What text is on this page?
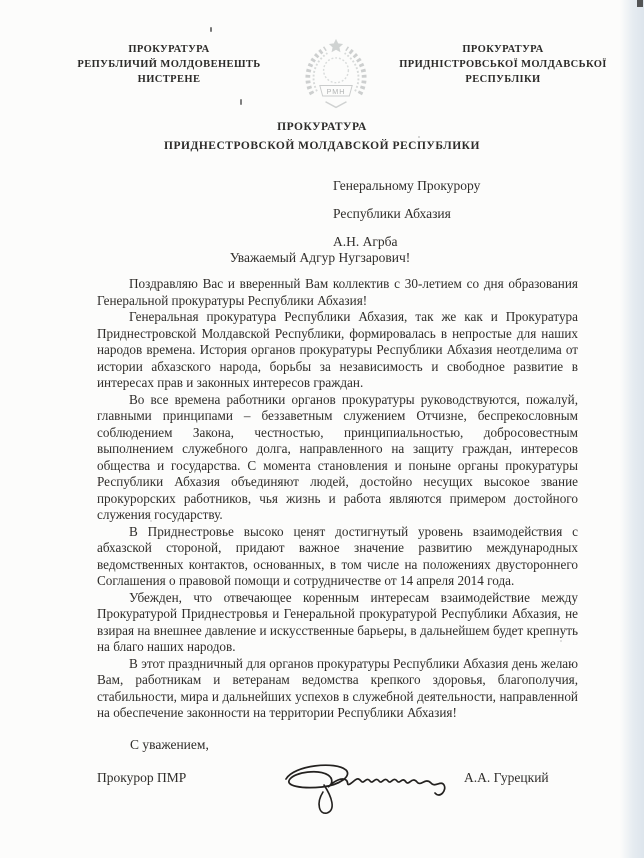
ПРОКУРАТУРА
РЕПУБЛИЧИЙ МОЛДОВЕНЕШТЬ
НИСТРЕНЕ
РМН
ПРОКУРАТУРА
ПРИДНІСТРОВСЬКОЇ МОЛДАВСЬКОЇ
РЕСПУБЛІКИ
ПРОКУРАТУРА
ПРИДНЕСТРОВСКОЙ МОЛДАВСКОЙ РЕСПУБЛИКИ
Генеральному Прокурору
Республики Абхазия
А.Н. Агрба
Уважаемый Адгур Нугзарович!

Поздравляю Вас и вверенный Вам коллектив с 30-летием со дня образования Генеральной прокуратуры Республики Абхазия!

Генеральная прокуратура Республики Абхазия, так же как и Прокуратура Приднестровской Молдавской Республики, формировалась в непростые для наших народов времена. История органов прокуратуры Республики Абхазия неотделима от истории абхазского народа, борьбы за независимость и свободное развитие в интересах прав и законных интересов граждан.

Во все времена работники органов прокуратуры руководствуются, пожалуй, главными принципами – беззаветным служением Отчизне, беспрекословным соблюдением Закона, честностью, принципиальностью, добросовестным выполнением служебного долга, направленного на защиту граждан, интересов общества и государства. С момента становления и поныне органы прокуратуры Республики Абхазия объединяют людей, достойно несущих высокое звание прокурорских работников, чья жизнь и работа являются примером достойного служения государству.

В Приднестровье высоко ценят достигнутый уровень взаимодействия с абхазской стороной, придают важное значение развитию международных ведомственных контактов, основанных, в том числе на положениях двустороннего Соглашения о правовой помощи и сотрудничестве от 14 апреля 2014 года.

Убежден, что отвечающее коренным интересам взаимодействие между Прокуратурой Приднестровья и Генеральной прокуратурой Республики Абхазия, не взирая на внешнее давление и искусственные барьеры, в дальнейшем будет крепнуть на благо наших народов.

В этот праздничный для органов прокуратуры Республики Абхазия день желаю Вам, работникам и ветеранам ведомства крепкого здоровья, благополучия, стабильности, мира и дальнейших успехов в служебной деятельности, направленной на обеспечение законности на территории Республики Абхазия!

С уважением,
Прокурор ПМР	А.А. Гурецкий
